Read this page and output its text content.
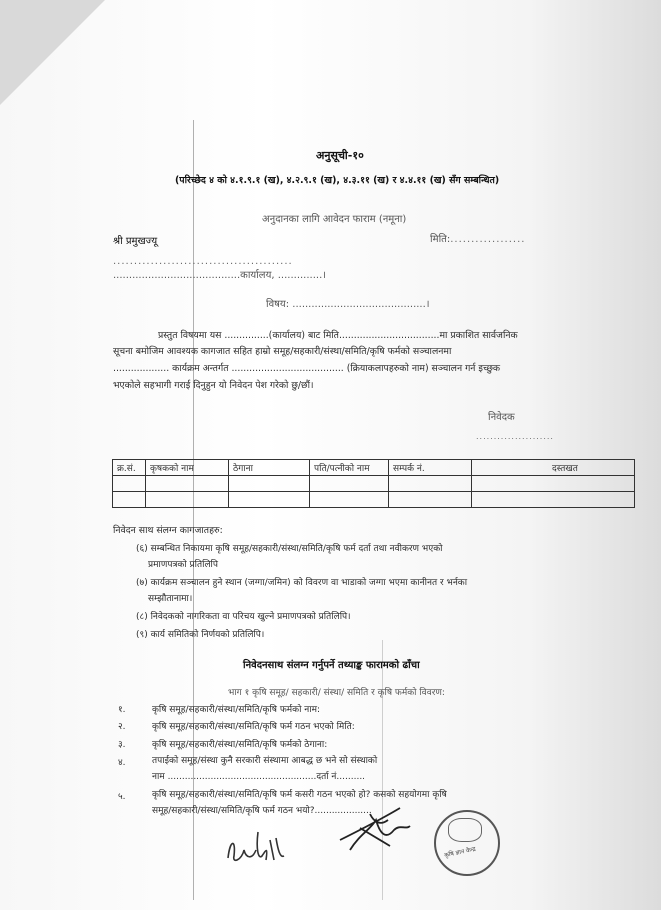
अनुसूची-१०
(परिच्छेद ४ को ४.१.९.१ (ख), ४.२.९.१ (ख), ४.३.११ (ख) र ४.४.११ (ख) सँग सम्बन्धित)
अनुदानका लागि आवेदन फाराम (नमूना)
श्री प्रमुखज्यू	मिति:..................
...........................................
........................................कार्यालय, ..............।
विषय: ..........................................।
प्रस्तुत विषयमा यस ...............(कार्यालय) बाट मिति..................................मा प्रकाशित सार्वजनिक
सूचना बमोजिम आवश्यक कागजात सहित हाम्रो समूह/सहकारी/संस्था/समिति/कृषि फर्मको सञ्चालनमा
................... कार्यक्रम अन्तर्गत ...................................... (क्रियाकलापहरुको नाम) सञ्चालन गर्न इच्छुक
भएकोले सहभागी गराई दिनुहुन यो निवेदन पेश गरेको छु/छौं।
निवेदक
......................
क्र.सं.	कृषकको नाम	ठेगाना	पति/पत्नीको नाम	सम्पर्क नं.	दस्तखत

निवेदन साथ संलग्न कागजातहरु:
(६) सम्बन्धित निकायमा कृषि समूह/सहकारी/संस्था/समिति/कृषि फर्म दर्ता तथा नवीकरण भएको
प्रमाणपत्रको प्रतिलिपि
(७) कार्यक्रम सञ्चालन हुने स्थान (जग्गा/जमिन) को विवरण वा भाडाको जग्गा भएमा कानीनत र भर्नका
सम्झौतानामा।
(८) निवेदकको नागरिकता वा परिचय खुल्ने प्रमाणपत्रको प्रतिलिपि।
(९) कार्य समितिको निर्णयको प्रतिलिपि।
निवेदनसाथ संलग्न गर्नुपर्ने तथ्याङ्क फारामको ढाँचा
भाग १ कृषि समूह/ सहकारी/ संस्था/ समिति र कृषि फर्मको विवरण:
१.	कृषि समूह/सहकारी/संस्था/समिति/कृषि फर्मको नाम:
२.	कृषि समूह/सहकारी/संस्था/समिति/कृषि फर्म गठन भएको मिति:
३.	कृषि समूह/सहकारी/संस्था/समिति/कृषि फर्मको ठेगाना:
४.	तपाईको समूह/संस्था कुनै सरकारी संस्थामा आबद्ध छ भने सो संस्थाको
नाम ....................................................दर्ता नं..........
५.	कृषि समूह/सहकारी/संस्था/समिति/कृषि फर्म कसरी गठन भएको हो? कसको सहयोगमा कृषि
समूह/सहकारी/संस्था/समिति/कृषि फर्म गठन भयो?....................
कृषि ज्ञान केन्द्र
